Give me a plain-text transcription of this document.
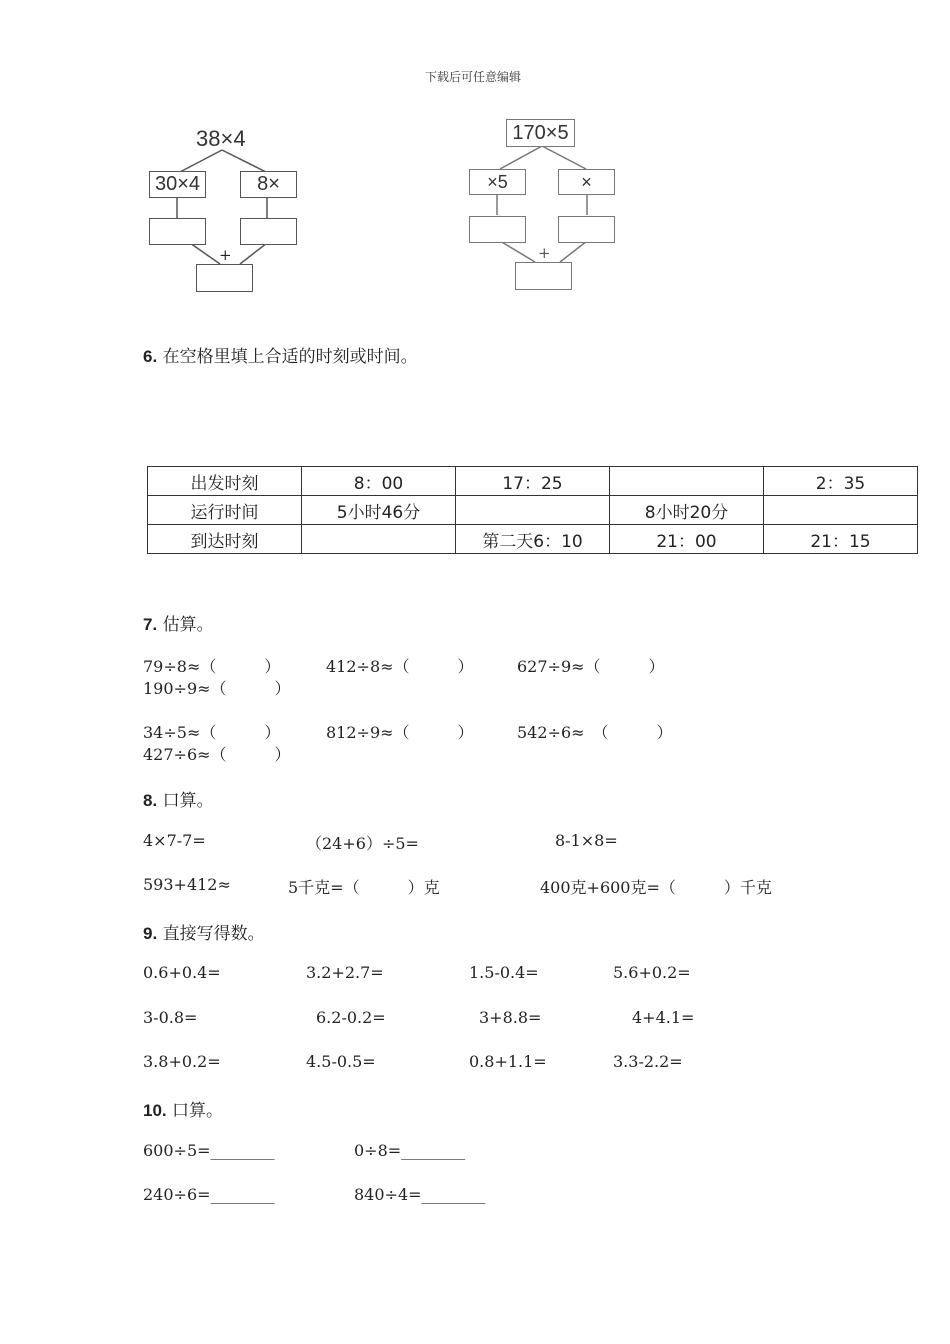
下载后可任意编辑
38×4
30×4	8×
+
170×5
×5	×
+
6. 在空格里填上合适的时刻或时间。
出发时刻	8：00	17：25		2：35
运行时间	5小时46分		8小时20分	
到达时刻		第二天6：10	21：00	21：15
7. 估算。
79÷8≈（　　　）	412÷8≈（　　　）	627÷9≈（　　　）
190÷9≈（　　　）
34÷5≈（　　　）	812÷9≈（　　　）	542÷6≈　（　　　）
427÷6≈（　　　）
8. 口算。
4×7-7=	（24+6）÷5=	8-1×8=
593+412≈	5千克=（　　　）克	400克+600克=（　　　）千克
9. 直接写得数。
0.6+0.4=	3.2+2.7=	1.5-0.4=	5.6+0.2=
3-0.8=	6.2-0.2=	3+8.8=	4+4.1=
3.8+0.2=	4.5-0.5=	0.8+1.1=	3.3-2.2=
10. 口算。
600÷5=________	0÷8=________
240÷6=________	840÷4=________
